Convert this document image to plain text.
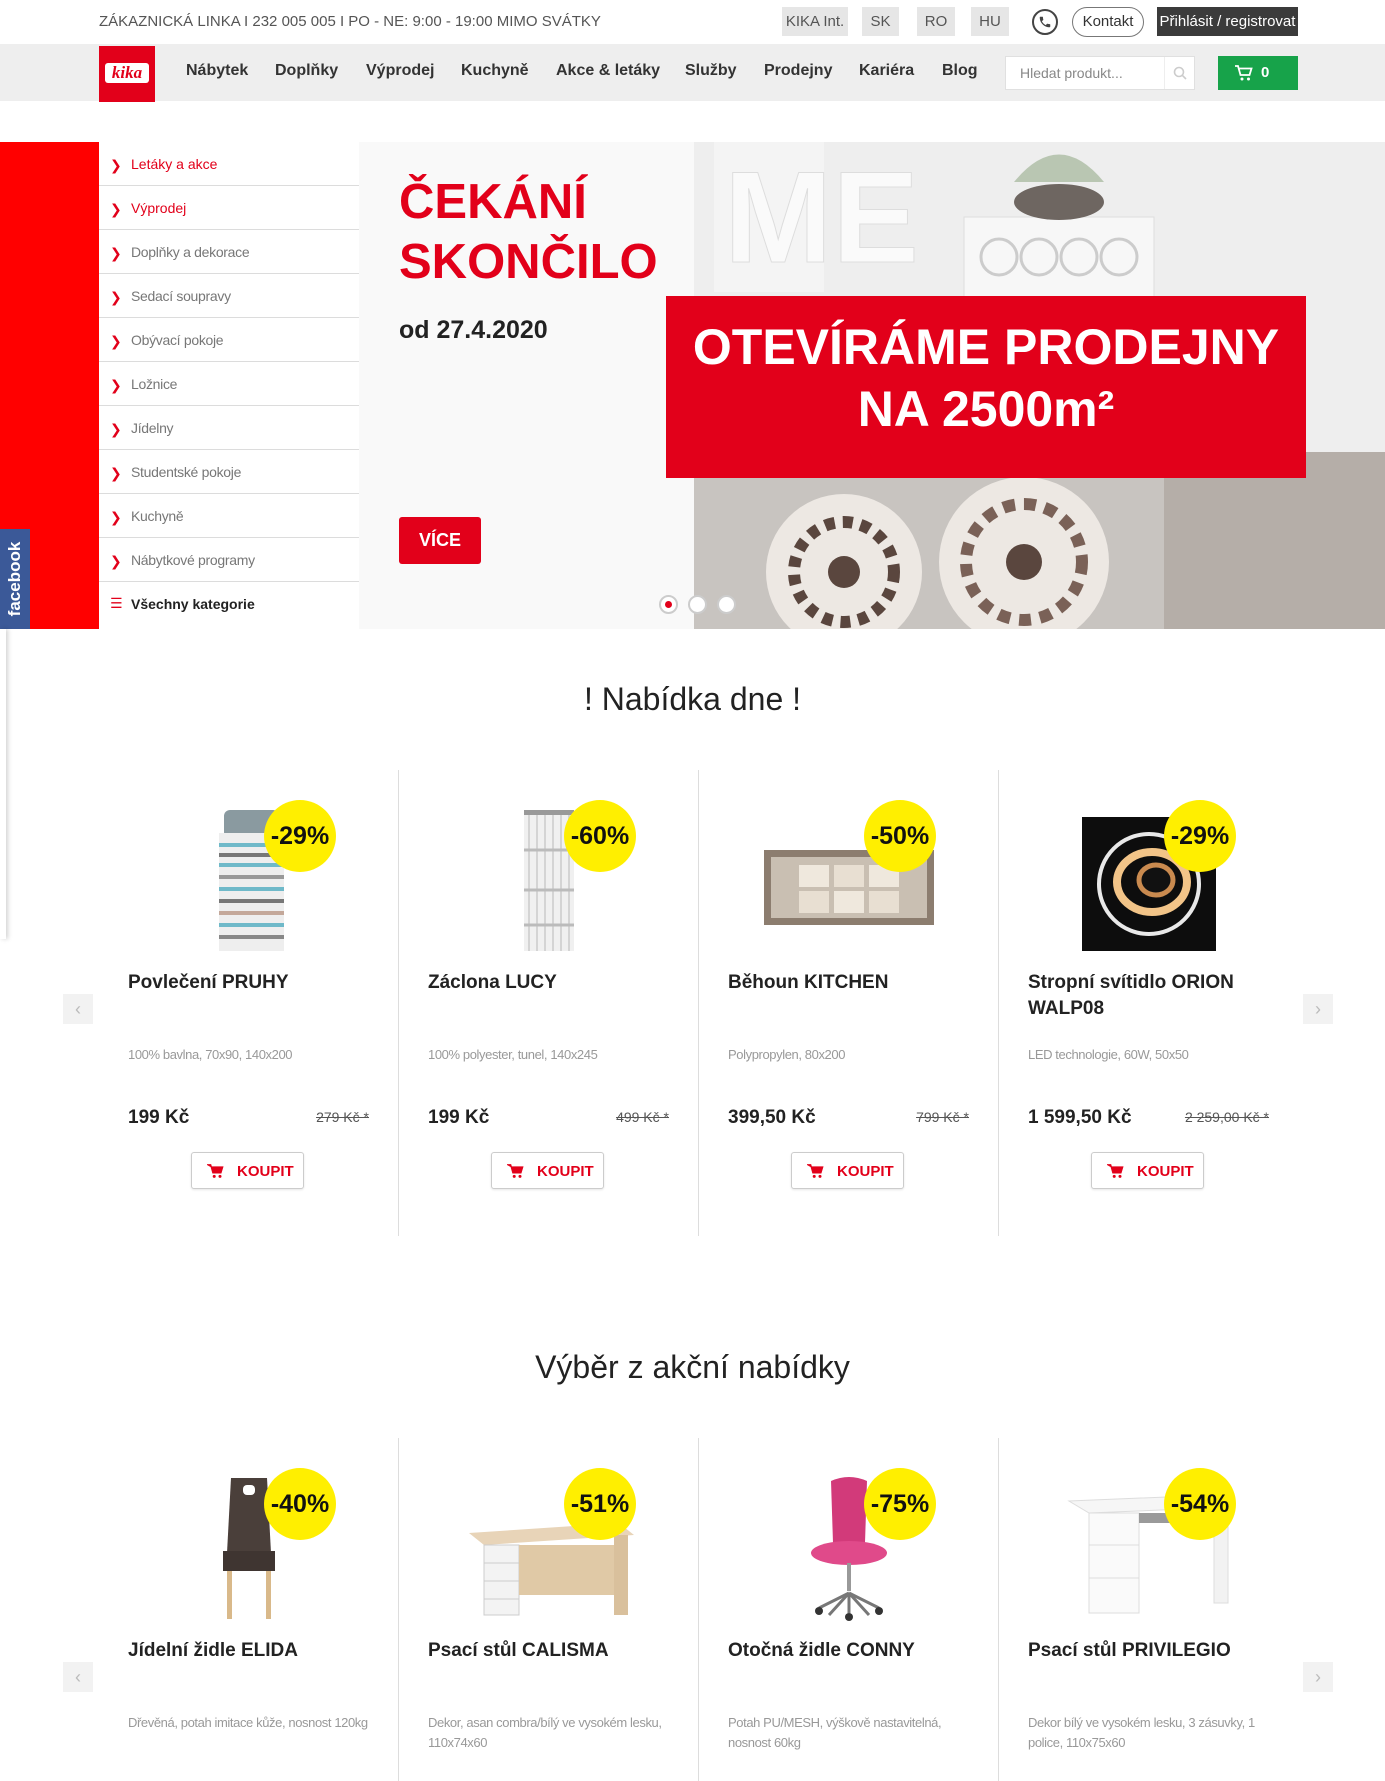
ZÁKAZNICKÁ LINKA I 232 005 005 I PO - NE: 9:00 - 19:00 MIMO SVÁTKY	KIKA Int.	SK	RO	HU	Kontakt	Přihlásit / registrovat
kika	Nábytek Doplňky Výprodej Kuchyně Akce & letáky Služby Prodejny Kariéra Blog
Hledat produkt...	0
facebook
❯ Letáky a akce
❯ Výprodej
❯ Doplňky a dekorace
❯ Sedací soupravy
❯ Obývací pokoje
❯ Ložnice
❯ Jídelny
❯ Studentské pokoje
❯ Kuchyně
❯ Nábytkové programy
☰ Všechny kategorie
ME
OTEVÍRÁME PRODEJNY
NA 2500m²
ČEKÁNÍ
SKONČILO
od 27.4.2020
VÍCE
! Nabídka dne !
‹	›
-29%
Povlečení PRUHY
100% bavlna, 70x90, 140x200
199 Kč	279 Kč *
KOUPIT
-60%
Záclona LUCY
100% polyester, tunel, 140x245
199 Kč	499 Kč *
KOUPIT
-50%
Běhoun KITCHEN
Polypropylen, 80x200
399,50 Kč	799 Kč *
KOUPIT
-29%
Stropní svítidlo ORION WALP08
LED technologie, 60W, 50x50
1 599,50 Kč	2 259,00 Kč *
KOUPIT
Výběr z akční nabídky
‹	›
-40%
Jídelní židle ELIDA
Dřevěná, potah imitace kůže, nosnost 120kg
-51%
Psací stůl CALISMA
Dekor, asan combra/bílý ve vysokém lesku, 110x74x60
-75%
Otočná židle CONNY
Potah PU/MESH, výškově nastavitelná, nosnost 60kg
-54%
Psací stůl PRIVILEGIO
Dekor bílý ve vysokém lesku, 3 zásuvky, 1 police, 110x75x60
